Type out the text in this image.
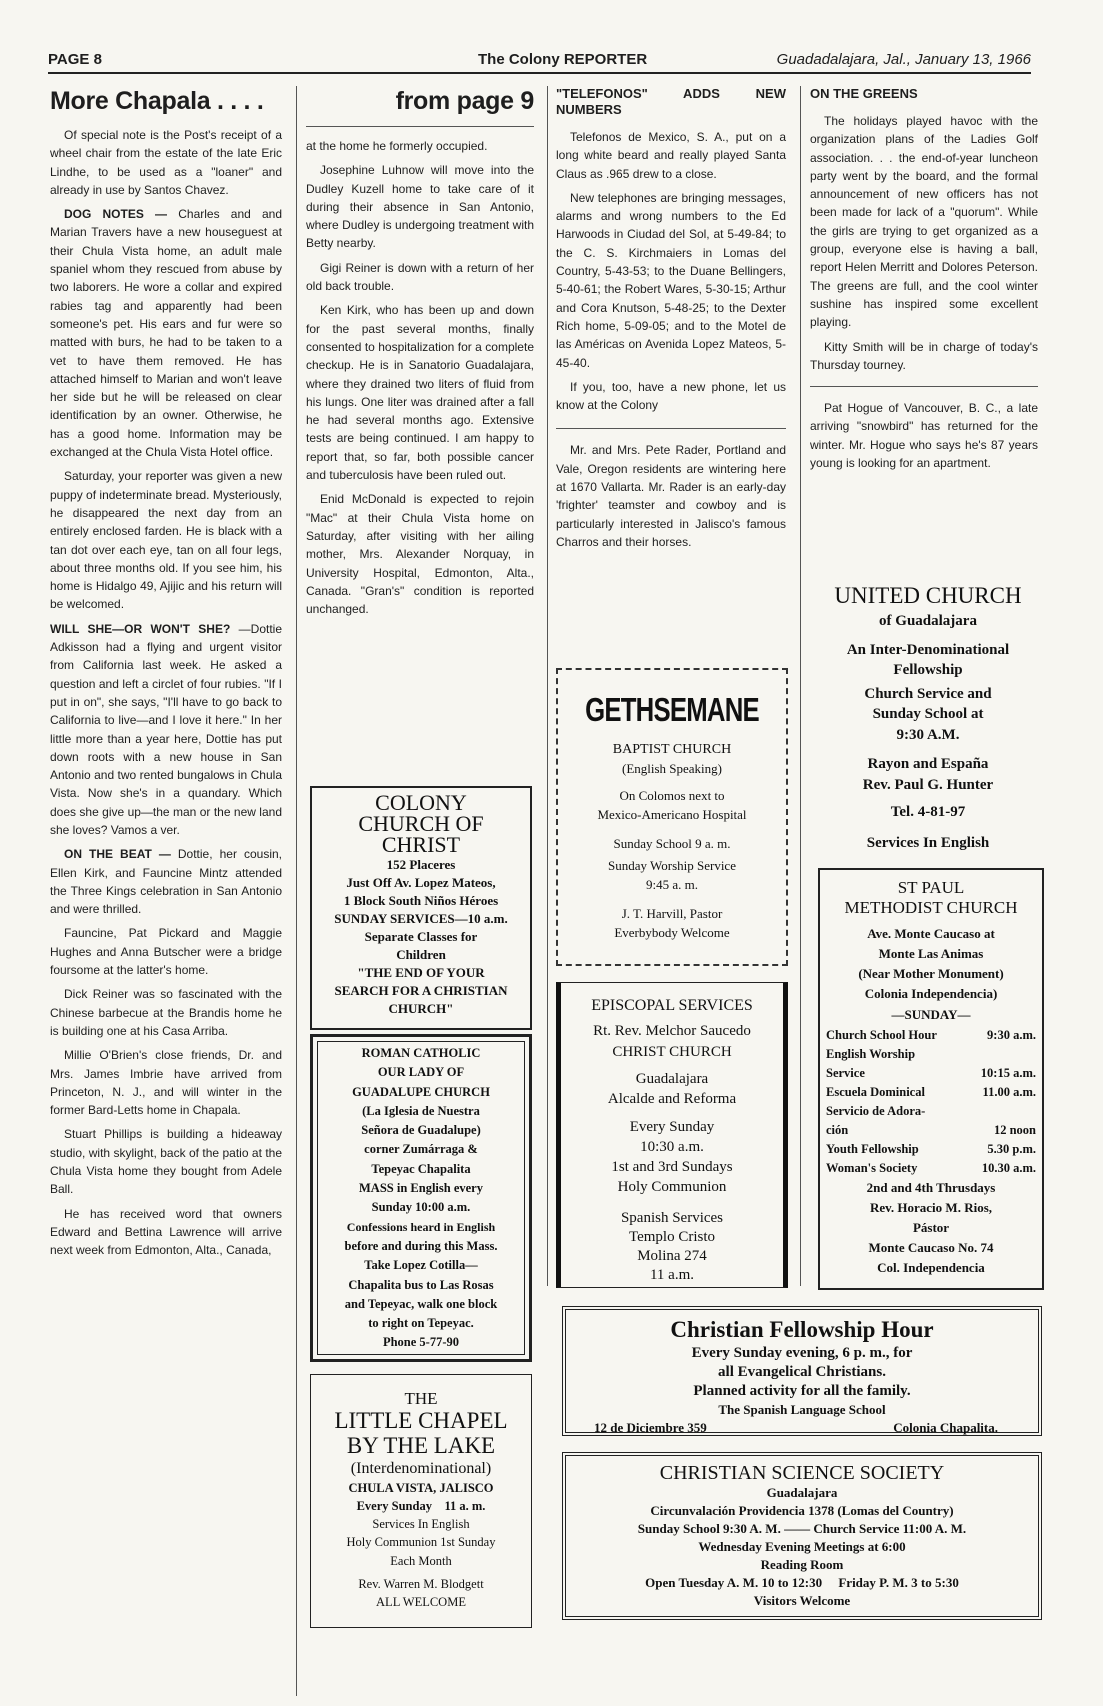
PAGE 8	The Colony REPORTER	Guadadalajara, Jal., January 13, 1966
More Chapala . . . .

Of special note is the Post's receipt of a wheel chair from the estate of the late Eric Lindhe, to be used as a "loaner" and already in use by Santos Chavez.

DOG NOTES — Charles and and Marian Travers have a new houseguest at their Chula Vista home, an adult male spaniel whom they rescued from abuse by two laborers. He wore a collar and expired rabies tag and apparently had been someone's pet. His ears and fur were so matted with burs, he had to be taken to a vet to have them removed. He has attached himself to Marian and won't leave her side but he will be released on clear identification by an owner. Otherwise, he has a good home. Information may be exchanged at the Chula Vista Hotel office.

Saturday, your reporter was given a new puppy of indeterminate bread. Mysteriously, he disappeared the next day from an entirely enclosed farden. He is black with a tan dot over each eye, tan on all four legs, about three months old. If you see him, his home is Hidalgo 49, Ajijic and his return will be welcomed.

WILL SHE—OR WON'T SHE? —Dottie Adkisson had a flying and urgent visitor from California last week. He asked a question and left a circlet of four rubies. "If I put in on", she says, "I'll have to go back to California to live—and I love it here." In her little more than a year here, Dottie has put down roots with a new house in San Antonio and two rented bungalows in Chula Vista. Now she's in a quandary. Which does she give up—the man or the new land she loves? Vamos a ver.

ON THE BEAT — Dottie, her cousin, Ellen Kirk, and Fauncine Mintz attended the Three Kings celebration in San Antonio and were thrilled.

Fauncine, Pat Pickard and Maggie Hughes and Anna Butscher were a bridge foursome at the latter's home.

Dick Reiner was so fascinated with the Chinese barbecue at the Brandis home he is building one at his Casa Arriba.

Millie O'Brien's close friends, Dr. and Mrs. James Imbrie have arrived from Princeton, N. J., and will winter in the former Bard-Letts home in Chapala.

Stuart Phillips is building a hideaway studio, with skylight, back of the patio at the Chula Vista home they bought from Adele Ball.

He has received word that owners Edward and Bettina Lawrence will arrive next week from Edmonton, Alta., Canada,

from page 9

at the home he formerly occupied.

Josephine Luhnow will move into the Dudley Kuzell home to take care of it during their absence in San Antonio, where Dudley is undergoing treatment with Betty nearby.

Gigi Reiner is down with a return of her old back trouble.

Ken Kirk, who has been up and down for the past several months, finally consented to hospitalization for a complete checkup. He is in Sanatorio Guadalajara, where they drained two liters of fluid from his lungs. One liter was drained after a fall he had several months ago. Extensive tests are being continued. I am happy to report that, so far, both possible cancer and tuberculosis have been ruled out.

Enid McDonald is expected to rejoin "Mac" at their Chula Vista home on Saturday, after visiting with her ailing mother, Mrs. Alexander Norquay, in University Hospital, Edmonton, Alta., Canada. "Gran's" condition is reported unchanged.

COLONY
CHURCH OF
CHRIST
152 Placeres
Just Off Av. Lopez Mateos,
1 Block South Niños Héroes
SUNDAY SERVICES—10 a.m.
Separate Classes for
Children
"THE END OF YOUR
SEARCH FOR A CHRISTIAN
CHURCH"
ROMAN CATHOLIC
OUR LADY OF
GUADALUPE CHURCH
(La Iglesia de Nuestra
Señora de Guadalupe)
corner Zumárraga &
Tepeyac Chapalita
MASS in English every
Sunday 10:00 a.m.
Confessions heard in English
before and during this Mass.
Take Lopez Cotilla—
Chapalita bus to Las Rosas
and Tepeyac, walk one block
to right on Tepeyac.
Phone 5-77-90
THE
LITTLE CHAPEL
BY THE LAKE
(Interdenominational)
CHULA VISTA, JALISCO
Every Sunday    11 a. m.
Services In English
Holy Communion 1st Sunday
Each Month
Rev. Warren M. Blodgett
ALL WELCOME
"TELEFONOS" ADDS NEW NUMBERS

Telefonos de Mexico, S. A., put on a long white beard and really played Santa Claus as .965 drew to a close.

New telephones are bringing messages, alarms and wrong numbers to the Ed Harwoods in Ciudad del Sol, at 5-49-84; to the C. S. Kirchmaiers in Lomas del Country, 5-43-53; to the Duane Bellingers, 5-40-61; the Robert Wares, 5-30-15; Arthur and Cora Knutson, 5-48-25; to the Dexter Rich home, 5-09-05; and to the Motel de las Américas on Avenida Lopez Mateos, 5-45-40.

If you, too, have a new phone, let us know at the Colony

Mr. and Mrs. Pete Rader, Portland and Vale, Oregon residents are wintering here at 1670 Vallarta. Mr. Rader is an early-day 'frighter' teamster and cowboy and is particularly interested in Jalisco's famous Charros and their horses.

GETHSEMANE
BAPTIST CHURCH
(English Speaking)
On Colomos next to
Mexico-Americano Hospital
Sunday School 9 a. m.
Sunday Worship Service
9:45 a. m.
J. T. Harvill, Pastor
Everbybody Welcome
EPISCOPAL SERVICES
Rt. Rev. Melchor Saucedo
CHRIST CHURCH
Guadalajara
Alcalde and Reforma
Every Sunday
10:30 a.m.
1st and 3rd Sundays
Holy Communion
Spanish Services
Templo Cristo
Molina 274
11 a.m.
ON THE GREENS

The holidays played havoc with the organization plans of the Ladies Golf association. . . the end-of-year luncheon party went by the board, and the formal announcement of new officers has not been made for lack of a "quorum". While the girls are trying to get organized as a group, everyone else is having a ball, report Helen Merritt and Dolores Peterson. The greens are full, and the cool winter sushine has inspired some excellent playing.

Kitty Smith will be in charge of today's Thursday tourney.

Pat Hogue of Vancouver, B. C., a late arriving "snowbird" has returned for the winter. Mr. Hogue who says he's 87 years young is looking for an apartment.

UNITED CHURCH
of Guadalajara
An Inter-Denominational
Fellowship
Church Service and
Sunday School at
9:30 A.M.
Rayon and España
Rev. Paul G. Hunter
Tel. 4-81-97
Services In English
ST PAUL
METHODIST CHURCH
Ave. Monte Caucaso at
Monte Las Animas
(Near Mother Monument)
Colonia Independencia)
—SUNDAY—
Church School Hour	9:30 a.m.
English Worship
Service	10:15 a.m.
Escuela Dominical	11.00 a.m.
Servicio de Adora-
ción	12 noon
Youth Fellowship	5.30 p.m.
Woman's Society	10.30 a.m.
2nd and 4th Thrusdays
Rev. Horacio M. Rios,
Pástor
Monte Caucaso No. 74
Col. Independencia
Christian Fellowship Hour
Every Sunday evening, 6 p. m., for
all Evangelical Christians.
Planned activity for all the family.
The Spanish Language School
12 de Diciembre 359	Colonia Chapalita.
CHRISTIAN SCIENCE SOCIETY
Guadalajara
Circunvalación Providencia 1378 (Lomas del Country)
Sunday School 9:30 A. M. —— Church Service 11:00 A. M.
Wednesday Evening Meetings at 6:00
Reading Room
Open Tuesday A. M. 10 to 12:30     Friday P. M. 3 to 5:30
Visitors Welcome
